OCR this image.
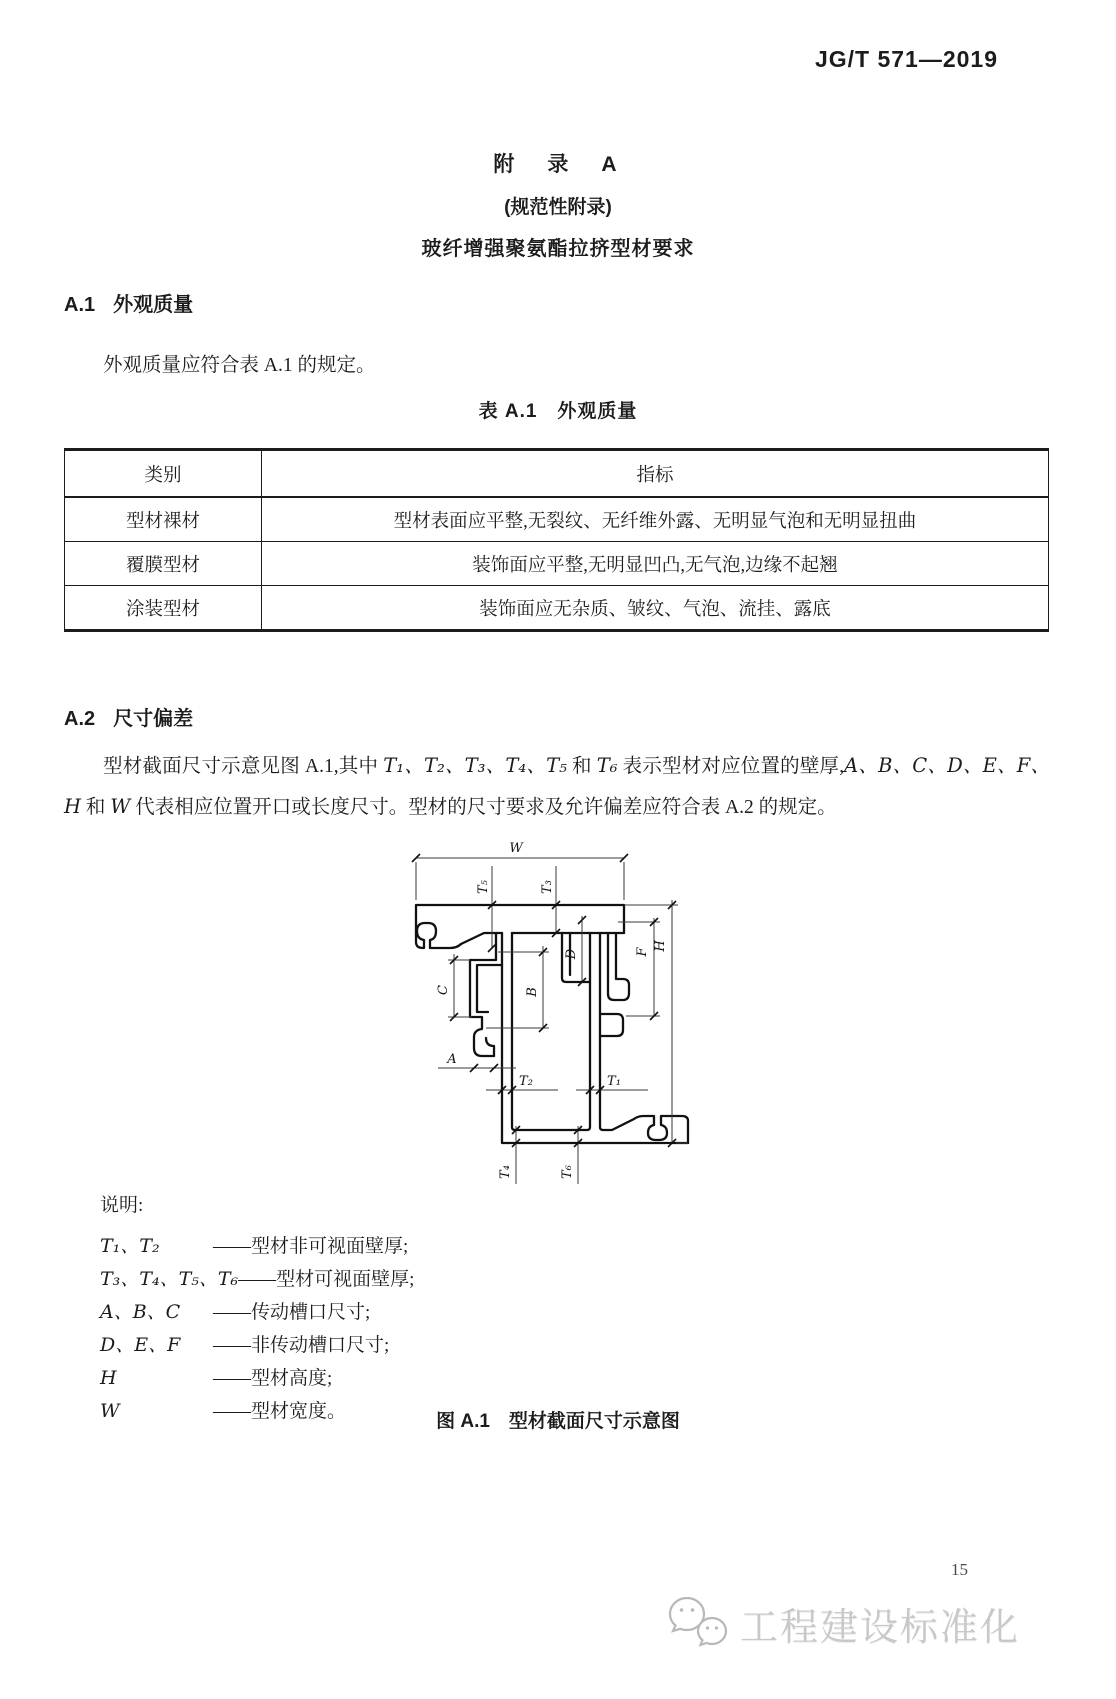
JG/T 571—2019
附　录　A
(规范性附录)
玻纤增强聚氨酯拉挤型材要求
A.1 外观质量
外观质量应符合表 A.1 的规定。
表 A.1　外观质量
类别	指标
型材裸材	型材表面应平整,无裂纹、无纤维外露、无明显气泡和无明显扭曲
覆膜型材	装饰面应平整,无明显凹凸,无气泡,边缘不起翘
涂装型材	装饰面应无杂质、皱纹、气泡、流挂、露底
A.2 尺寸偏差
型材截面尺寸示意见图 A.1,其中 T₁、T₂、T₃、T₄、T₅ 和 T₆ 表示型材对应位置的壁厚,A、B、C、D、E、F、H 和 W 代表相应位置开口或长度尺寸。型材的尺寸要求及允许偏差应符合表 A.2 的规定。
W
T₅	T₃
C	B
A
T₂	T₁
D	F
H
T₄	T₆
说明:
T₁、T₂	——型材非可视面壁厚;
T₃、T₄、T₅、T₆ ——型材可视面壁厚;
A、B、C	——传动槽口尺寸;
D、E、F	——非传动槽口尺寸;
H	——型材高度;
W	——型材宽度。	图 A.1　型材截面尺寸示意图
15
工程建设标准化
